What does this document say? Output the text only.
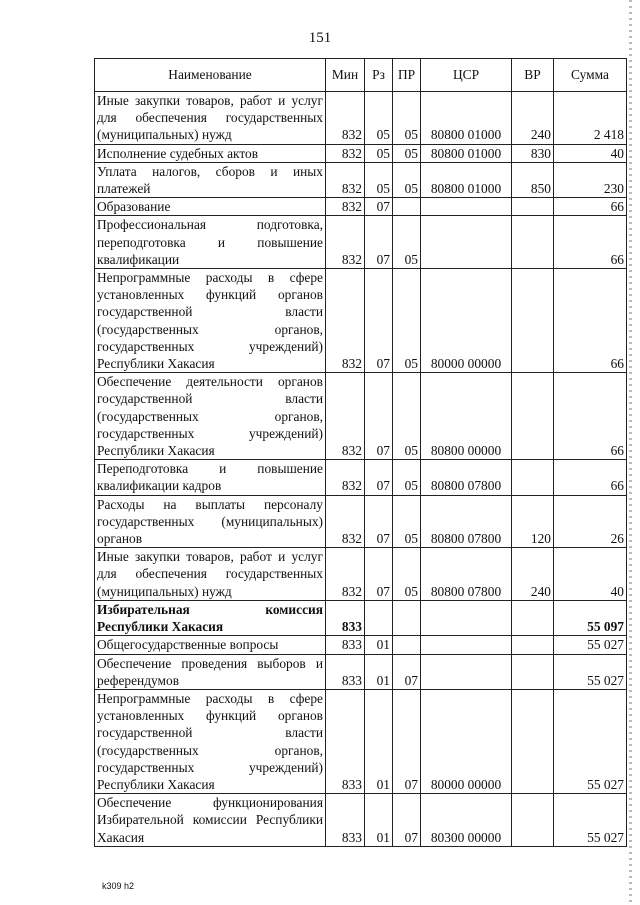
151
Наименование	Мин	Рз	ПР	ЦСР	ВР	Сумма
Иные закупки товаров, работ и услуг для обеспечения государственных (муниципальных) нужд	832	05	05	80800 01000	240	2 418
Исполнение судебных актов	832	05	05	80800 01000	830	40
Уплата налогов, сборов и иных платежей	832	05	05	80800 01000	850	230
Образование	832	07				66
Профессиональная подготовка, переподготовка и повышение квалификации	832	07	05			66
Непрограммные расходы в сфере установленных функций органов государственной власти (государственных органов, государственных учреждений) Республики Хакасия	832	07	05	80000 00000		66
Обеспечение деятельности органов государственной власти (государственных органов, государственных учреждений) Республики Хакасия	832	07	05	80800 00000		66
Переподготовка и повышение квалификации кадров	832	07	05	80800 07800		66
Расходы на выплаты персоналу государственных (муниципальных) органов	832	07	05	80800 07800	120	26
Иные закупки товаров, работ и услуг для обеспечения государственных (муниципальных) нужд	832	07	05	80800 07800	240	40
Избирательная комиссия Республики Хакасия	833					55 097
Общегосударственные вопросы	833	01				55 027
Обеспечение проведения выборов и референдумов	833	01	07			55 027
Непрограммные расходы в сфере установленных функций органов государственной власти (государственных органов, государственных учреждений) Республики Хакасия	833	01	07	80000 00000		55 027
Обеспечение функционирования Избирательной комиссии Республики Хакасия	833	01	07	80300 00000		55 027
k309 h2
